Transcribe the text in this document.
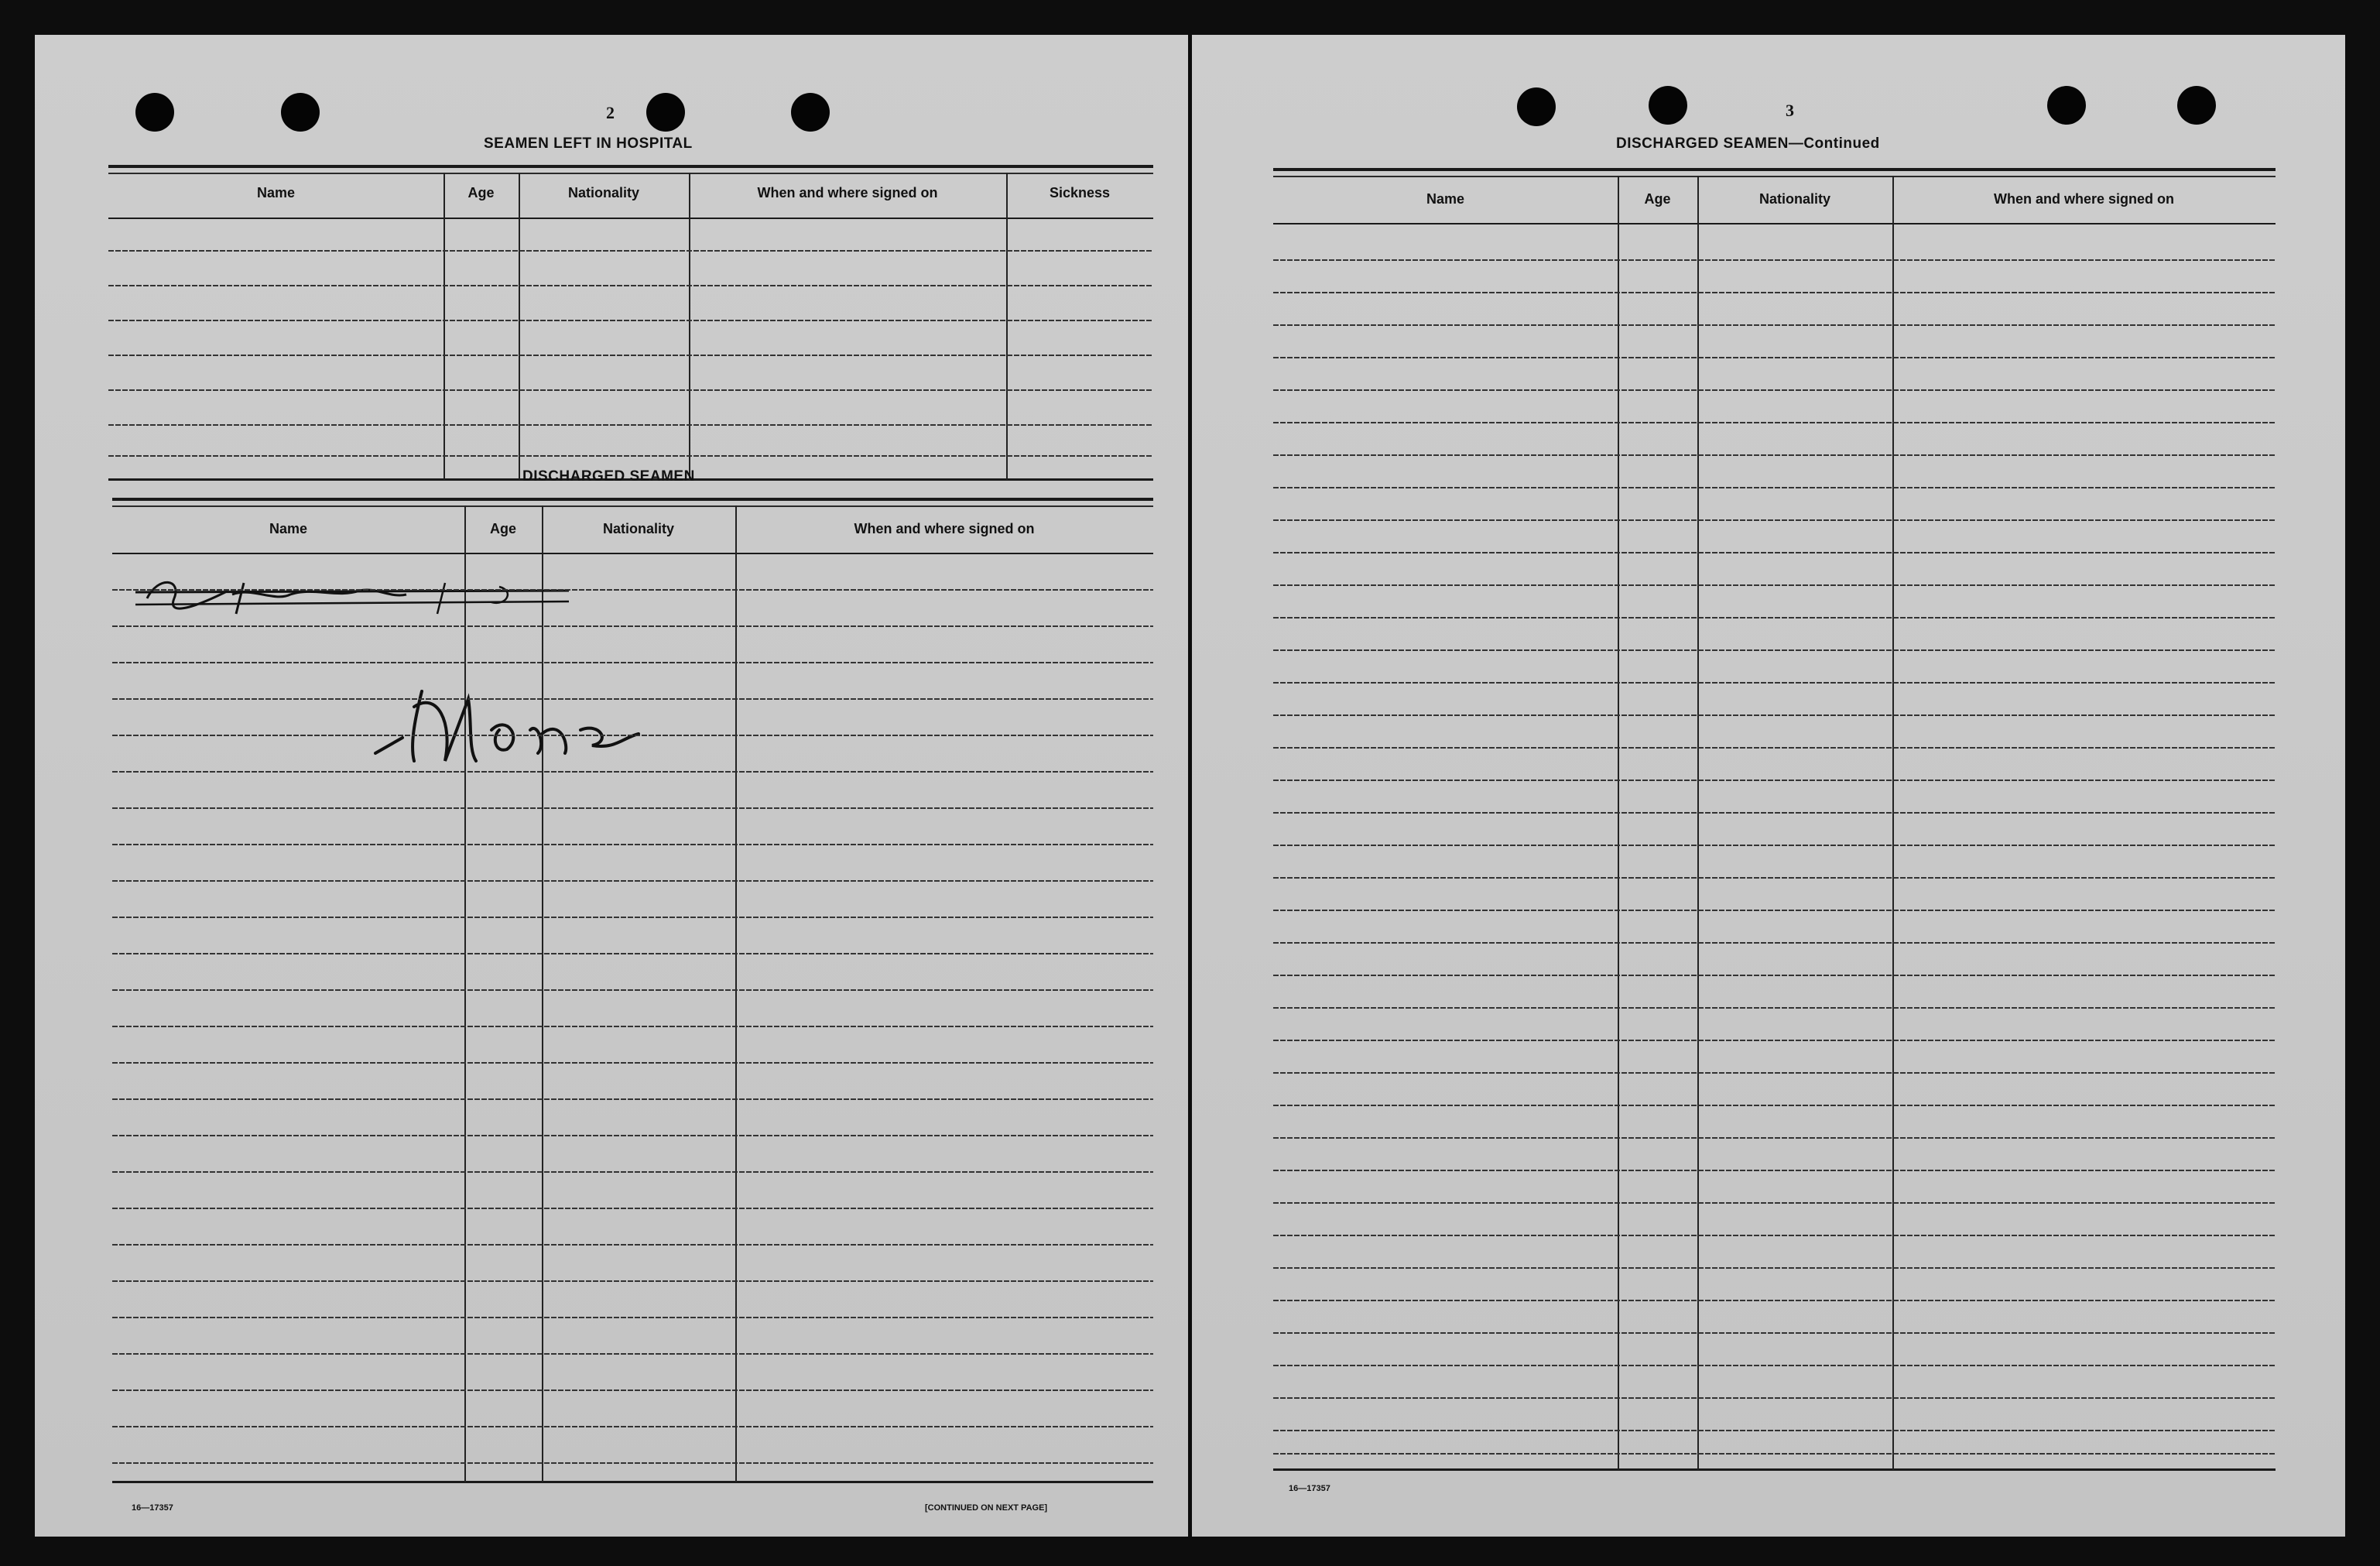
2
SEAMEN LEFT IN HOSPITAL
Name	Age	Nationality	When and where signed on	Sickness
DISCHARGED SEAMEN
Name	Age	Nationality	When and where signed on
16—17357	[CONTINUED ON NEXT PAGE]
3
DISCHARGED SEAMEN—Continued
Name	Age	Nationality	When and where signed on
16—17357
